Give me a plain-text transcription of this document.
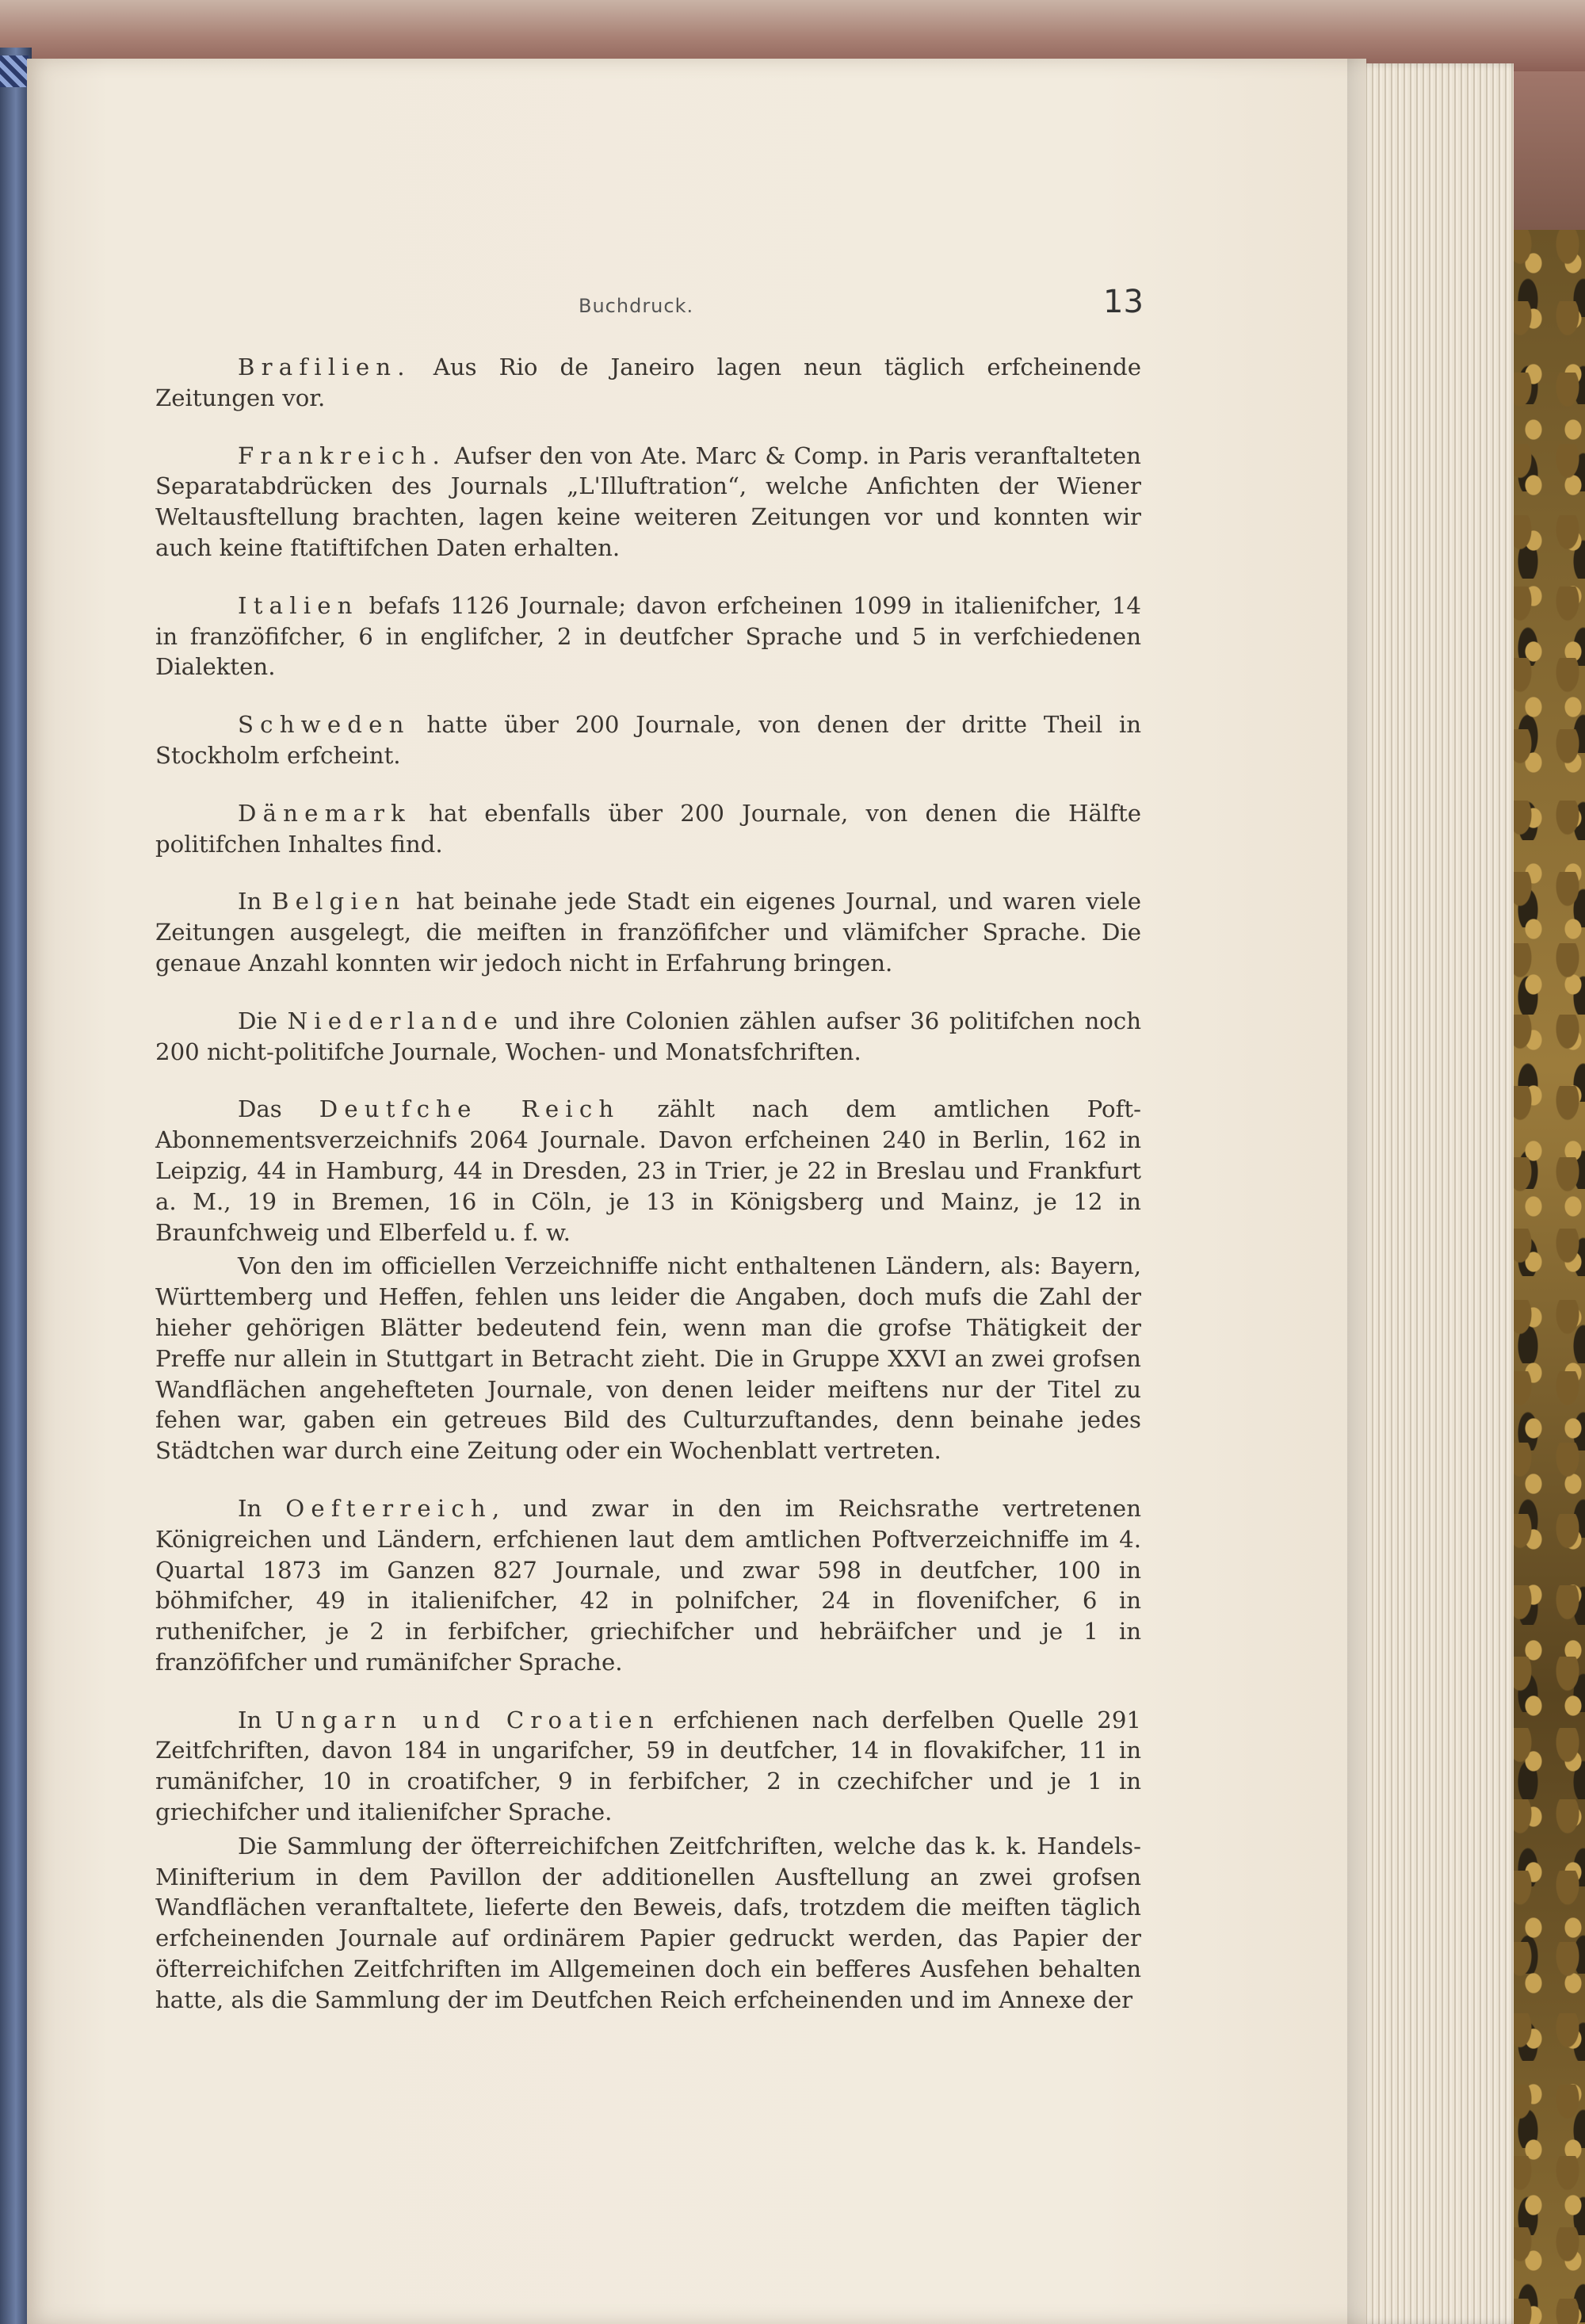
Buchdruck.	13

Brafilien. Aus Rio de Janeiro lagen neun täglich erfcheinende Zeitungen vor.

Frankreich. Aufser den von Ate. Marc & Comp. in Paris veranftalteten Separatabdrücken des Journals „L'Illuftration“, welche Anfichten der Wiener Weltausftellung brachten, lagen keine weiteren Zeitungen vor und konnten wir auch keine ftatiftifchen Daten erhalten.

Italien befafs 1126 Journale; davon erfcheinen 1099 in italienifcher, 14 in franzöfifcher, 6 in englifcher, 2 in deutfcher Sprache und 5 in verfchiedenen Dialekten.

Schweden hatte über 200 Journale, von denen der dritte Theil in Stockholm erfcheint.

Dänemark hat ebenfalls über 200 Journale, von denen die Hälfte politifchen Inhaltes find.

In Belgien hat beinahe jede Stadt ein eigenes Journal, und waren viele Zeitungen ausgelegt, die meiften in franzöfifcher und vlämifcher Sprache. Die genaue Anzahl konnten wir jedoch nicht in Erfahrung bringen.

Die Niederlande und ihre Colonien zählen aufser 36 politifchen noch 200 nicht-politifche Journale, Wochen- und Monatsfchriften.

Das Deutfche Reich zählt nach dem amtlichen Poft-Abonnementsverzeichnifs 2064 Journale. Davon erfcheinen 240 in Berlin, 162 in Leipzig, 44 in Hamburg, 44 in Dresden, 23 in Trier, je 22 in Breslau und Frankfurt a. M., 19 in Bremen, 16 in Cöln, je 13 in Königsberg und Mainz, je 12 in Braunfchweig und Elberfeld u. f. w.

Von den im officiellen Verzeichniffe nicht enthaltenen Ländern, als: Bayern, Württemberg und Heffen, fehlen uns leider die Angaben, doch mufs die Zahl der hieher gehörigen Blätter bedeutend fein, wenn man die grofse Thätigkeit der Preffe nur allein in Stuttgart in Betracht zieht. Die in Gruppe XXVI an zwei grofsen Wandflächen angehefteten Journale, von denen leider meiftens nur der Titel zu fehen war, gaben ein getreues Bild des Culturzuftandes, denn beinahe jedes Städtchen war durch eine Zeitung oder ein Wochenblatt vertreten.

In Oefterreich, und zwar in den im Reichsrathe vertretenen Königreichen und Ländern, erfchienen laut dem amtlichen Poftverzeichniffe im 4. Quartal 1873 im Ganzen 827 Journale, und zwar 598 in deutfcher, 100 in böhmifcher, 49 in italienifcher, 42 in polnifcher, 24 in flovenifcher, 6 in ruthenifcher, je 2 in ferbifcher, griechifcher und hebräifcher und je 1 in franzöfifcher und rumänifcher Sprache.

In Ungarn und Croatien erfchienen nach derfelben Quelle 291 Zeitfchriften, davon 184 in ungarifcher, 59 in deutfcher, 14 in flovakifcher, 11 in rumänifcher, 10 in croatifcher, 9 in ferbifcher, 2 in czechifcher und je 1 in griechifcher und italienifcher Sprache.

Die Sammlung der öfterreichifchen Zeitfchriften, welche das k. k. Handels-Minifterium in dem Pavillon der additionellen Ausftellung an zwei grofsen Wandflächen veranftaltete, lieferte den Beweis, dafs, trotzdem die meiften täglich erfcheinenden Journale auf ordinärem Papier gedruckt werden, das Papier der öfterreichifchen Zeitfchriften im Allgemeinen doch ein befferes Ausfehen behalten hatte, als die Sammlung der im Deutfchen Reich erfcheinenden und im Annexe der
